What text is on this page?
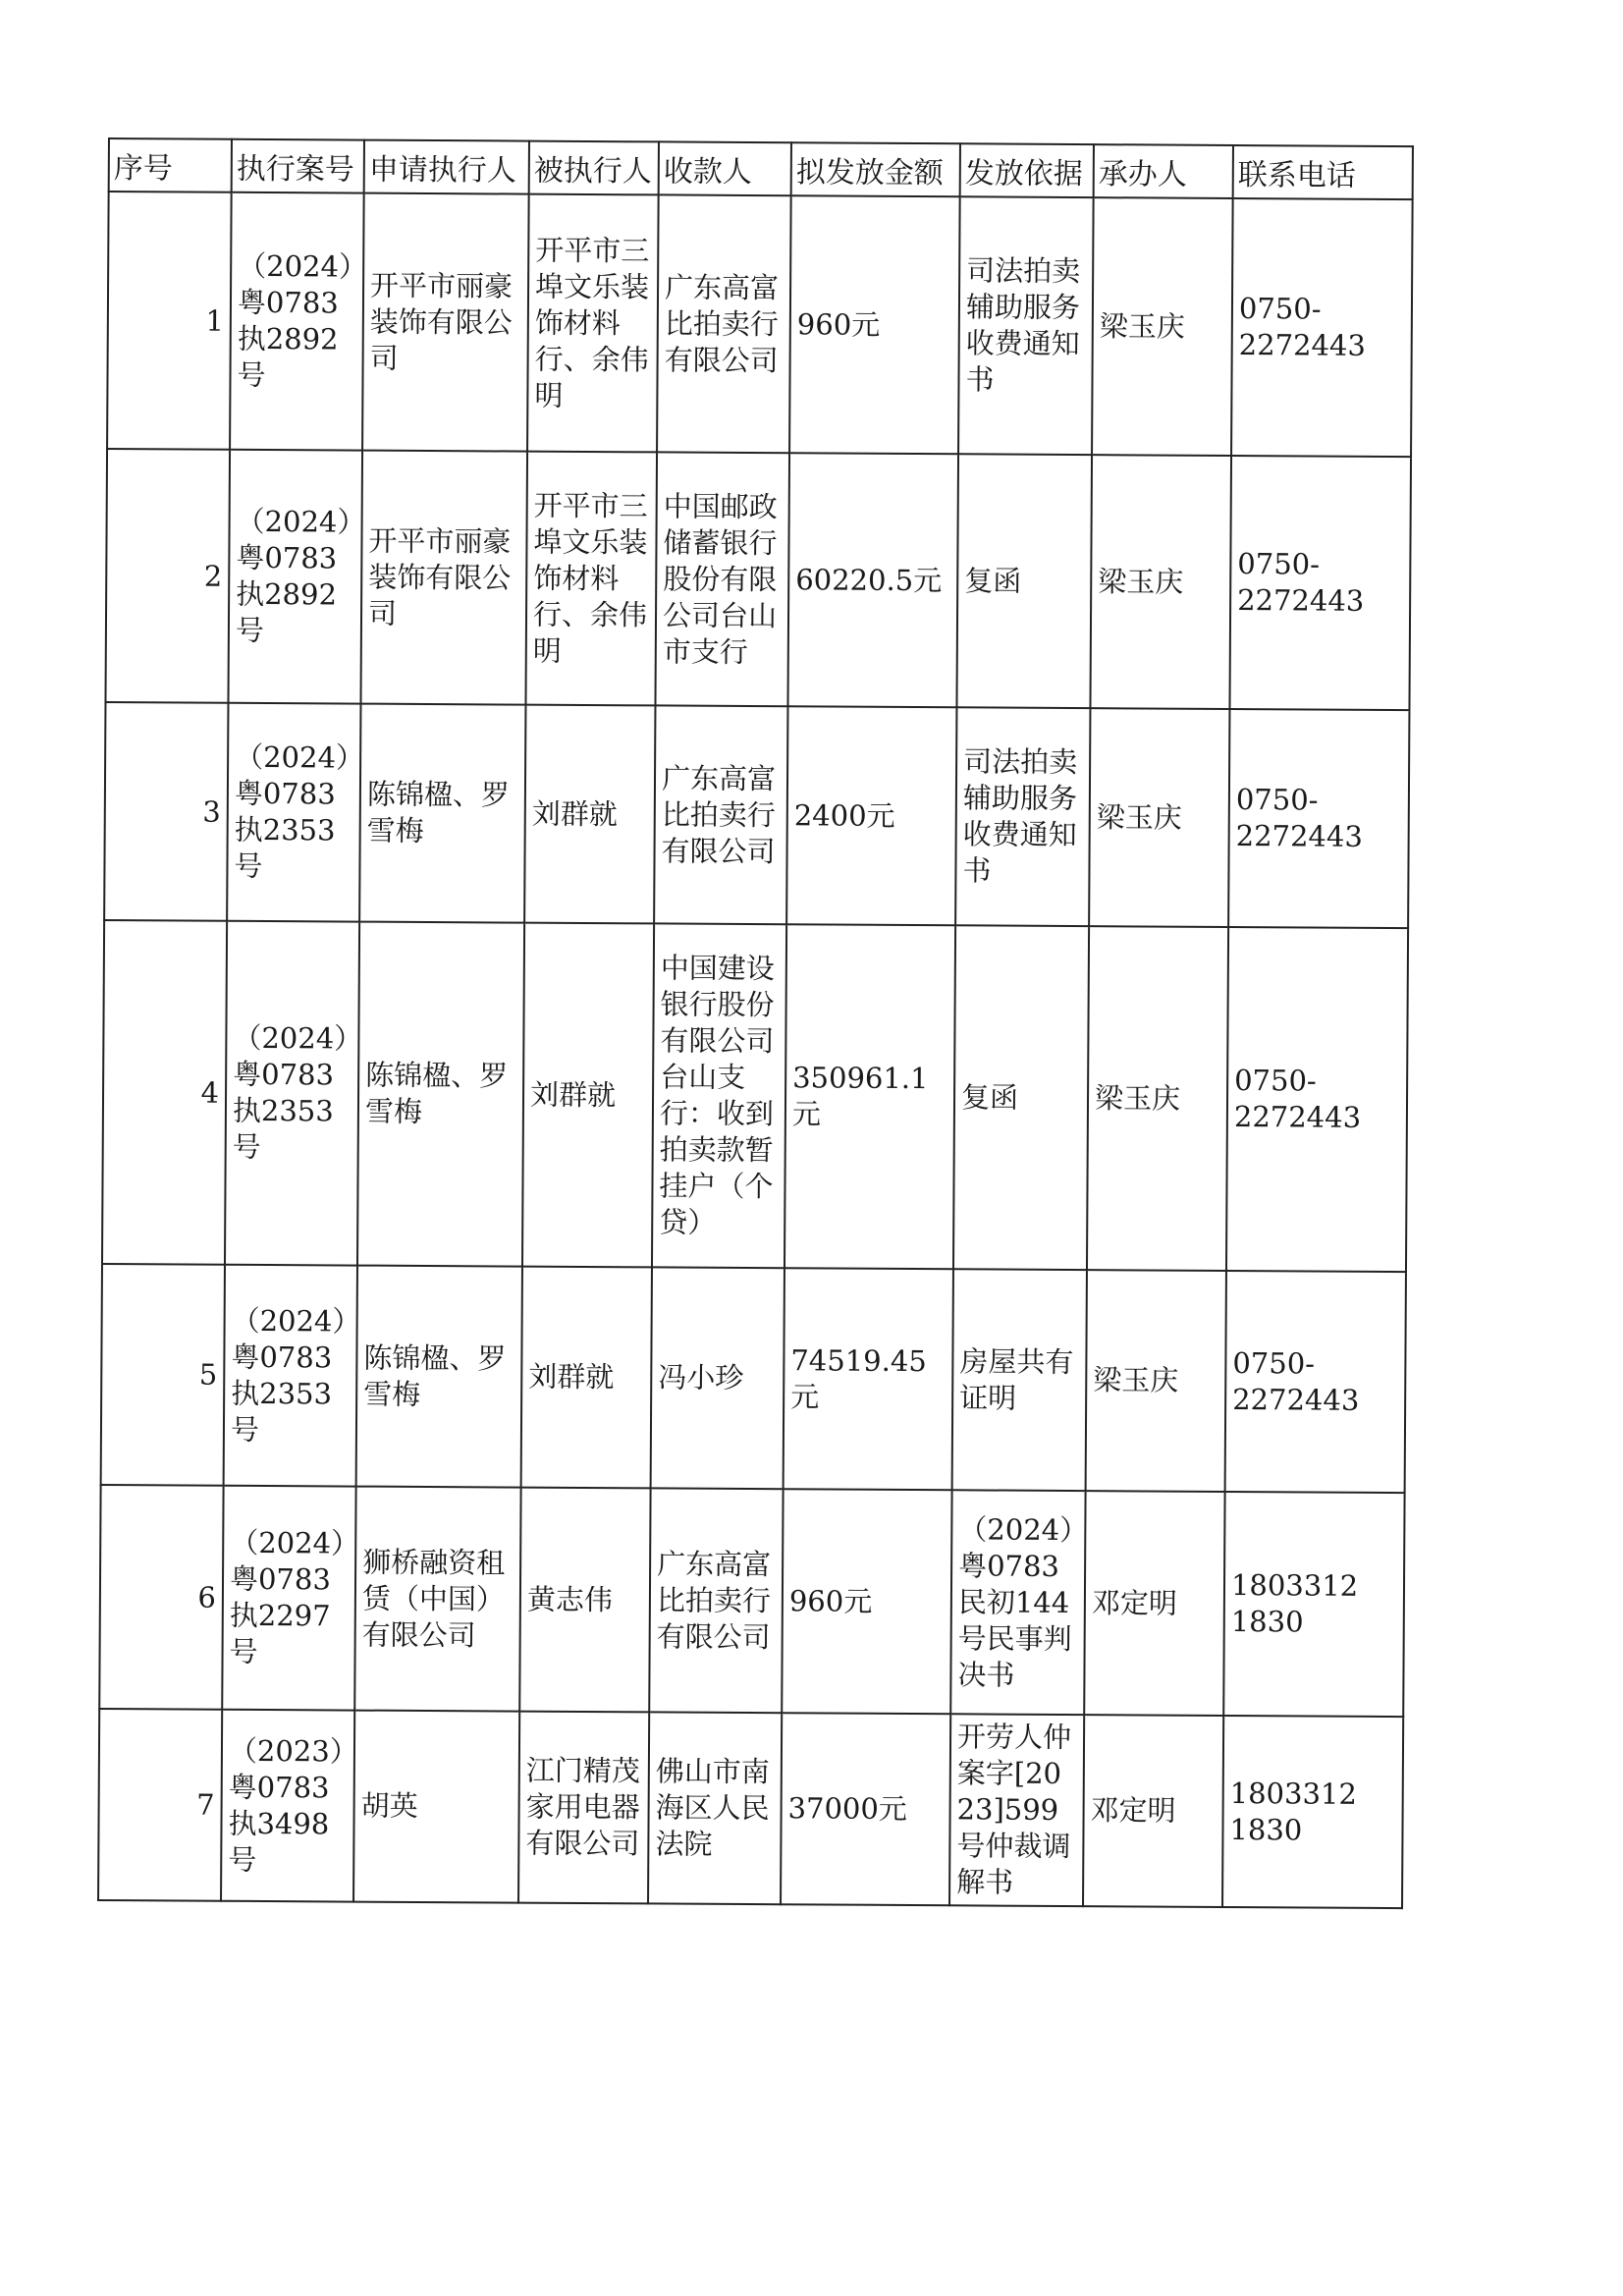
序号	执行案号	申请执行人	被执行人	收款人	拟发放金额	发放依据	承办人	联系电话
1	（2024）粤0783执2892号	开平市丽豪装饰有限公司	开平市三埠文乐装饰材料行、余伟明	广东高富比拍卖行有限公司	960元	司法拍卖辅助服务收费通知书	梁玉庆	0750-
2272443

2	（2024）粤0783执2892号	开平市丽豪装饰有限公司	开平市三埠文乐装饰材料行、余伟明	中国邮政储蓄银行股份有限公司台山市支行	60220.5元	复函	梁玉庆	0750-
2272443

3	（2024）粤0783执2353号	陈锦楹、罗雪梅	刘群就	广东高富比拍卖行有限公司	2400元	司法拍卖辅助服务收费通知书	梁玉庆	0750-
2272443

4	（2024）粤0783执2353号	陈锦楹、罗雪梅	刘群就	中国建设银行股份有限公司台山支行：收到拍卖款暂挂户（个贷）	350961.1元	复函	梁玉庆	0750-
2272443

5	（2024）粤0783执2353号	陈锦楹、罗雪梅	刘群就	冯小珍	74519.45元	房屋共有证明	梁玉庆	0750-
2272443

6	（2024）粤0783执2297号	狮桥融资租赁（中国）有限公司	黄志伟	广东高富比拍卖行有限公司	960元	（2024）粤0783民初144号民事判决书	邓定明	1803312
1830

7	（2023）粤0783执3498号	胡英	江门精茂家用电器有限公司	佛山市南海区人民法院	37000元	开劳人仲案字[2023]599号仲裁调解书	邓定明	1803312
1830
